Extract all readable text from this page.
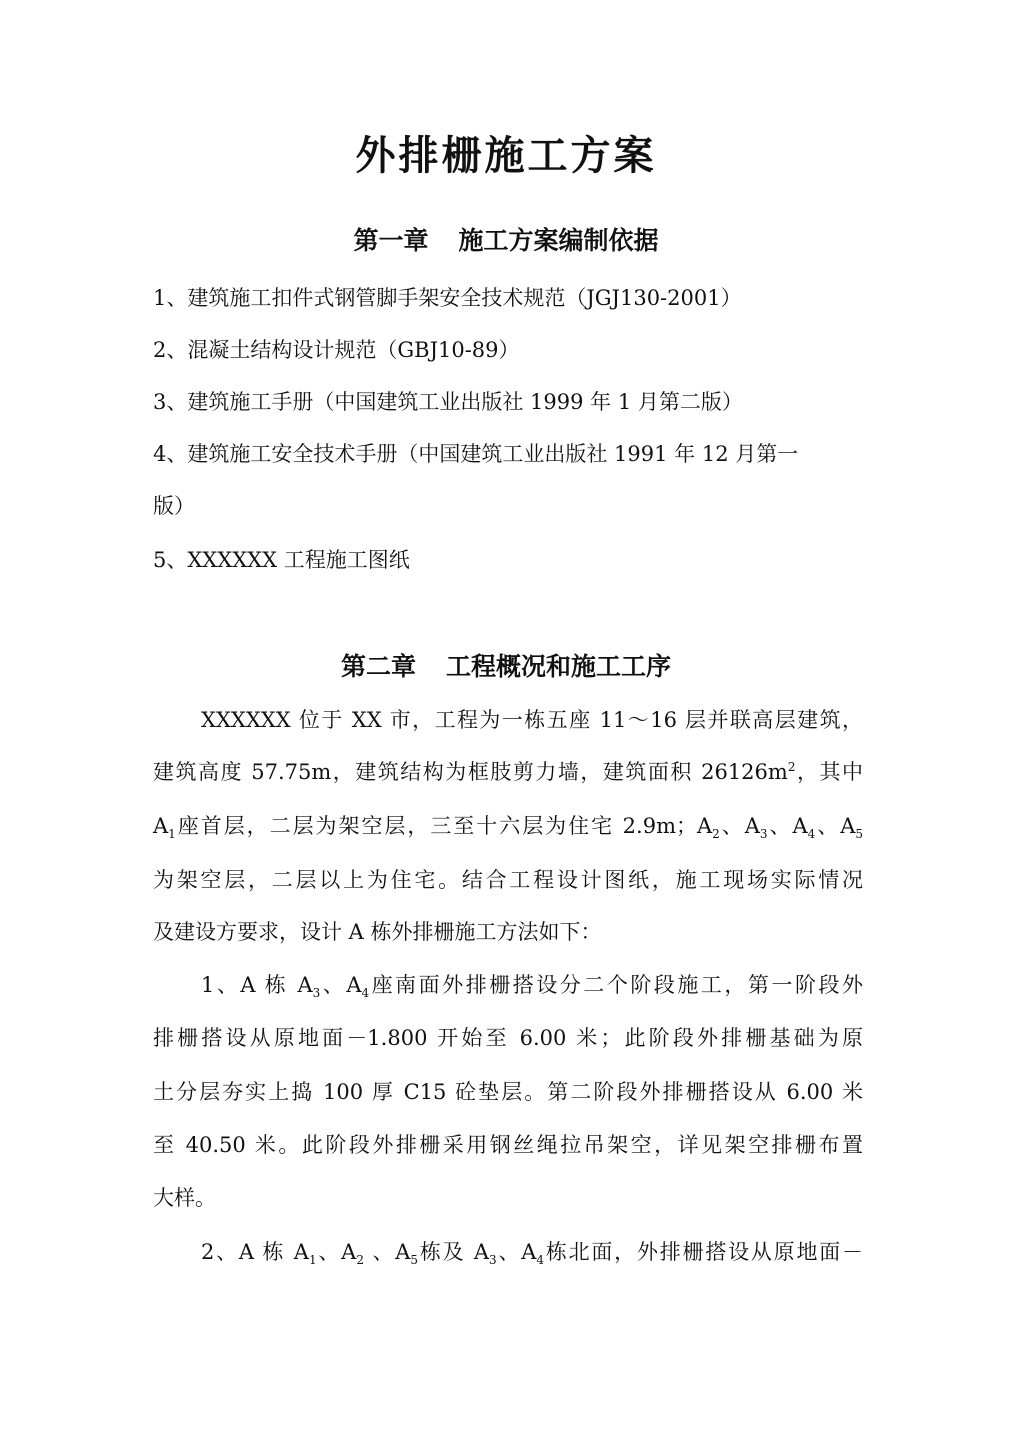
外排栅施工方案
第一章 施工方案编制依据
1、建筑施工扣件式钢管脚手架安全技术规范（JGJ130-2001）
2、混凝土结构设计规范（GBJ10-89）
3、建筑施工手册（中国建筑工业出版社 1999 年 1 月第二版）
4、建筑施工安全技术手册（中国建筑工业出版社 1991 年 12 月第一
版）
5、XXXXXX 工程施工图纸
第二章 工程概况和施工工序
XXXXXX 位于 XX 市，工程为一栋五座 11～16 层并联高层建筑，
建筑高度 57.75m，建筑结构为框肢剪力墙，建筑面积 $26126m^2$，其中
$A_1$座首层，二层为架空层，三至十六层为住宅 2.9m；$A_2$、$A_3$、$A_4$、$A_5$
为架空层，二层以上为住宅。结合工程设计图纸，施工现场实际情况
及建设方要求，设计 A 栋外排栅施工方法如下：
1、A 栋 $A_3$、$A_4$座南面外排栅搭设分二个阶段施工，第一阶段外
排栅搭设从原地面－1.800 开始至 6.00 米；此阶段外排栅基础为原
土分层夯实上捣 100 厚 C15 砼垫层。第二阶段外排栅搭设从 6.00 米
至 40.50 米。此阶段外排栅采用钢丝绳拉吊架空，详见架空排栅布置
大样。
2、A 栋 $A_1$、$A_2$ 、$A_5$栋及 $A_3$、$A_4$栋北面，外排栅搭设从原地面－
